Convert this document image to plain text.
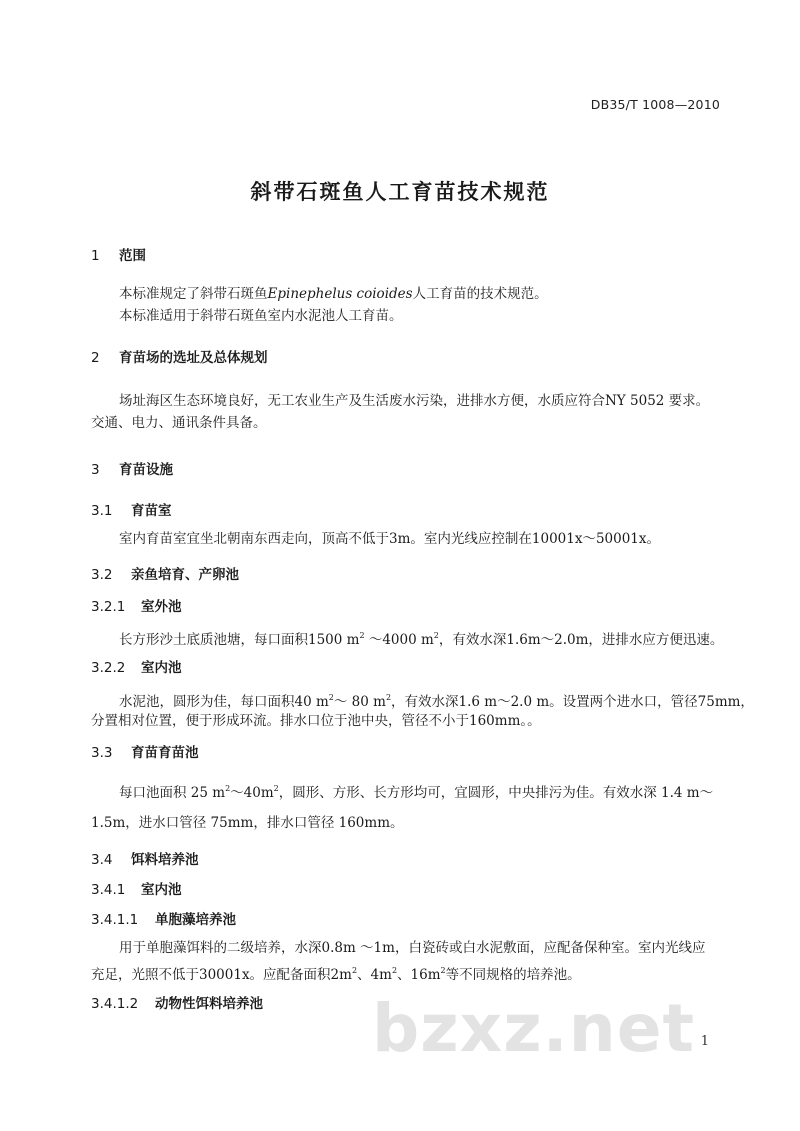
DB35/T 1008—2010
斜带石斑鱼人工育苗技术规范
1 范围
本标准规定了斜带石斑鱼Epinephelus coioides人工育苗的技术规范。
本标准适用于斜带石斑鱼室内水泥池人工育苗。
2 育苗场的选址及总体规划
场址海区生态环境良好，无工农业生产及生活废水污染，进排水方便，水质应符合NY 5052 要求。
交通、电力、通讯条件具备。
3 育苗设施
3.1 育苗室
室内育苗室宜坐北朝南东西走向，顶高不低于3m。室内光线应控制在10001x～50001x。
3.2 亲鱼培育、产卵池
3.2.1 室外池
长方形沙土底质池塘，每口面积1500 $m^2$ ～4000 $m^2$，有效水深1.6m～2.0m，进排水应方便迅速。
3.2.2 室内池
水泥池，圆形为佳，每口面积40 $m^2\sim$ 80 $m^2$，有效水深1.6 m～2.0 m。设置两个进水口，管径75mm，
分置相对位置，便于形成环流。排水口位于池中央，管径不小于160mm。。
3.3 育苗育苗池
每口池面积 25 $m^2\sim 40m^2$，圆形、方形、长方形均可，宜圆形，中央排污为佳。有效水深 1.4 m～
1.5m，进水口管径 75mm，排水口管径 160mm。
3.4 饵料培养池
3.4.1 室内池
3.4.1.1 单胞藻培养池
用于单胞藻饵料的二级培养，水深0.8m ～1m，白瓷砖或白水泥敷面，应配备保种室。室内光线应
充足，光照不低于30001x。应配备面积$2m^2$、$4m^2$、$16m^2$等不同规格的培养池。
3.4.1.2 动物性饵料培养池 bzxz.net 1
